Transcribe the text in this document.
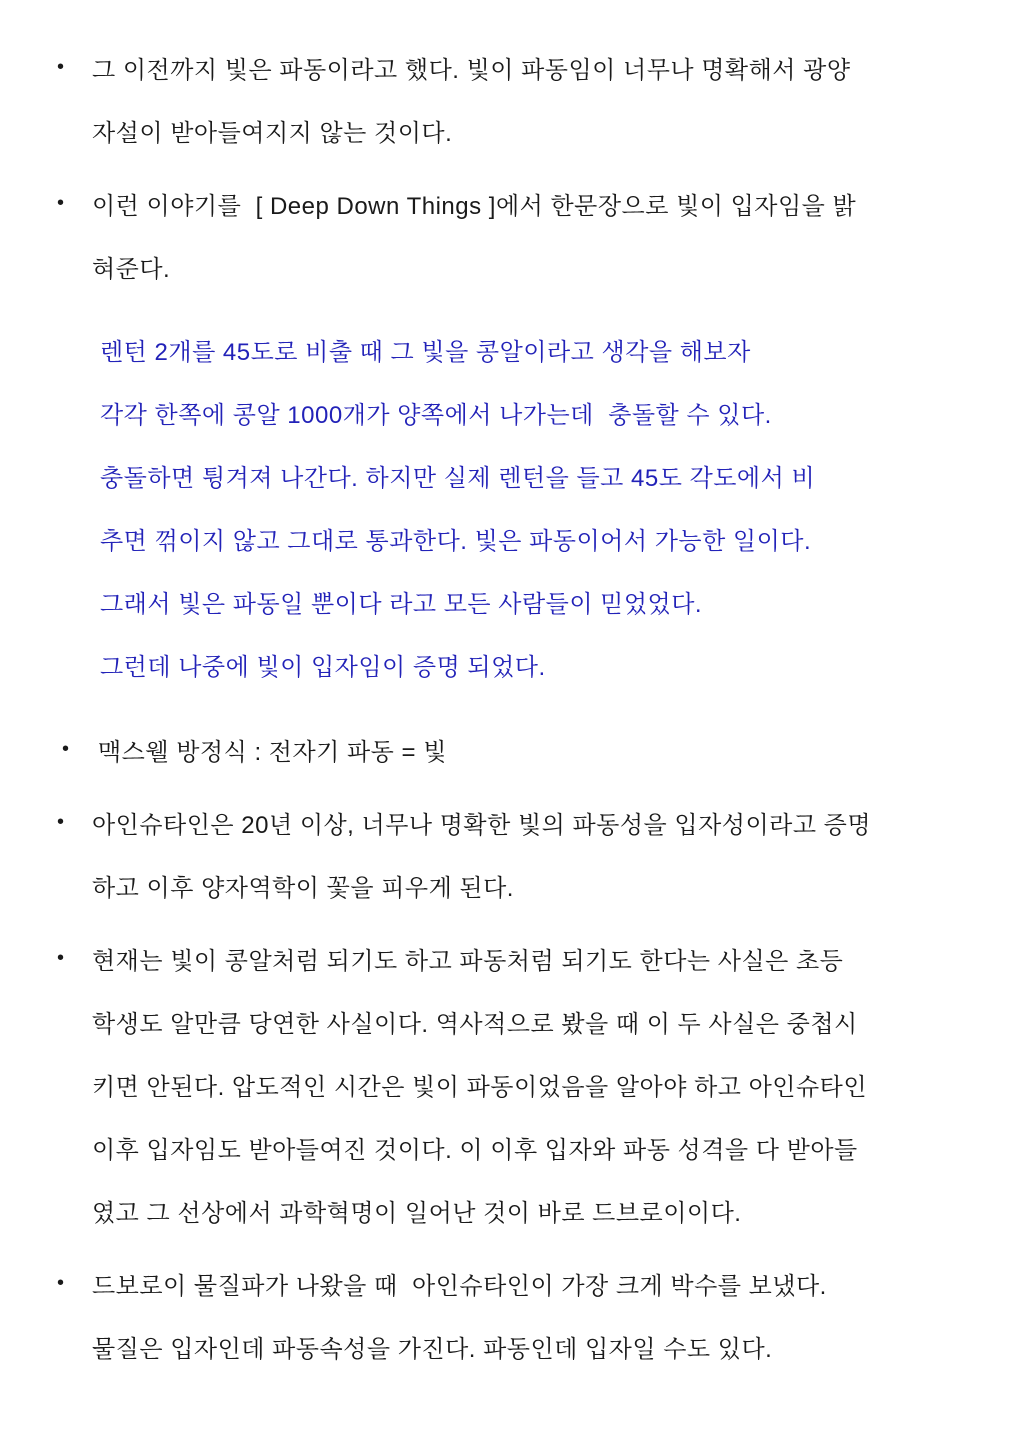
• 그 이전까지 빛은 파동이라고 했다. 빛이 파동임이 너무나 명확해서 광양
자설이 받아들여지지 않는 것이다.
• 이런 이야기를  [ Deep Down Things ]에서 한문장으로 빛이 입자임을 밝
혀준다.
렌턴 2개를 45도로 비출 때 그 빛을 콩알이라고 생각을 해보자
각각 한쪽에 콩알 1000개가 양쪽에서 나가는데  충돌할 수 있다.
충돌하면 튕겨져 나간다. 하지만 실제 렌턴을 들고 45도 각도에서 비
추면 꺾이지 않고 그대로 통과한다. 빛은 파동이어서 가능한 일이다.
그래서 빛은 파동일 뿐이다 라고 모든 사람들이 믿었었다.
그런데 나중에 빛이 입자임이 증명 되었다.
• 맥스웰 방정식 : 전자기 파동 = 빛
• 아인슈타인은 20년 이상, 너무나 명확한 빛의 파동성을 입자성이라고 증명
하고 이후 양자역학이 꽃을 피우게 된다.
• 현재는 빛이 콩알처럼 되기도 하고 파동처럼 되기도 한다는 사실은 초등
학생도 알만큼 당연한 사실이다. 역사적으로 봤을 때 이 두 사실은 중첩시
키면 안된다. 압도적인 시간은 빛이 파동이었음을 알아야 하고 아인슈타인
이후 입자임도 받아들여진 것이다. 이 이후 입자와 파동 성격을 다 받아들
였고 그 선상에서 과학혁명이 일어난 것이 바로 드브로이이다.
• 드보로이 물질파가 나왔을 때  아인슈타인이 가장 크게 박수를 보냈다.
물질은 입자인데 파동속성을 가진다. 파동인데 입자일 수도 있다.
